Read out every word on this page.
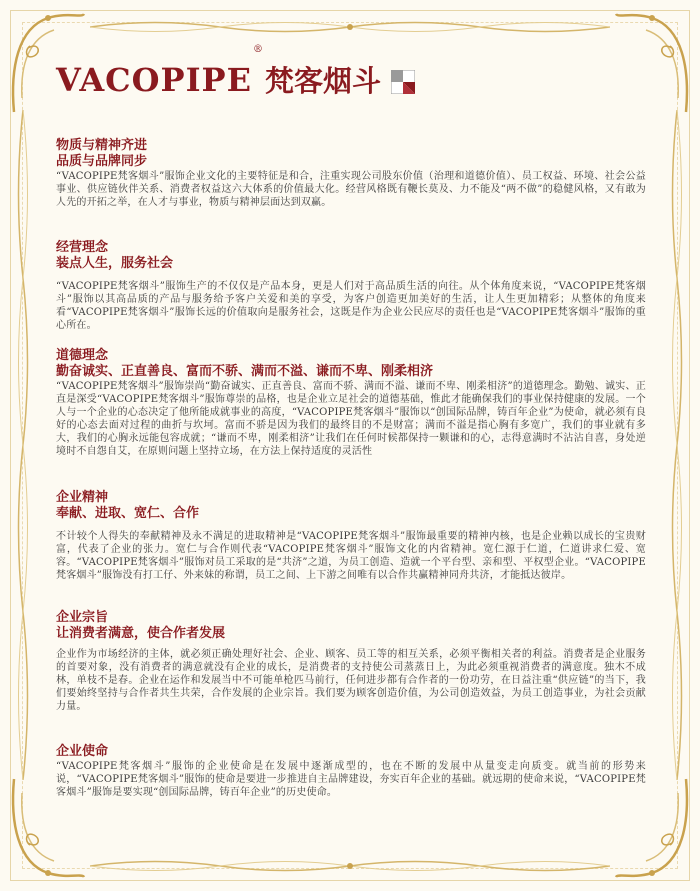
VACOPIPE
®
梵客烟斗

物质与精神齐进

品质与品牌同步

“VACOPIPE梵客烟斗”服饰企业文化的主要特征是和合，注重实现公司股东价值（治理和道德价值）、员工权益、环境、社会公益事业、供应链伙伴关系、消费者权益这六大体系的价值最大化。经营风格既有鞭长莫及、力不能及“两不做”的稳健风格，又有敢为人先的开拓之举，在人才与事业，物质与精神层面达到双赢。

经营理念

装点人生，服务社会

“VACOPIPE梵客烟斗”服饰生产的不仅仅是产品本身，更是人们对于高品质生活的向往。从个体角度来说，“VACOPIPE梵客烟斗”服饰以其高品质的产品与服务给予客户关爱和美的享受，为客户创造更加美好的生活，让人生更加精彩；从整体的角度来看“VACOPIPE梵客烟斗”服饰长远的价值取向是服务社会，这既是作为企业公民应尽的责任也是“VACOPIPE梵客烟斗”服饰的重心所在。

道德理念

勤奋诚实、正直善良、富而不骄、满而不溢、谦而不卑、刚柔相济

“VACOPIPE梵客烟斗”服饰崇尚“勤奋诚实、正直善良、富而不骄、满而不溢、谦而不卑、刚柔相济”的道德理念。勤勉、诚实、正直是深受“VACOPIPE梵客烟斗”服饰尊崇的品格，也是企业立足社会的道德基础，惟此才能确保我们的事业保持健康的发展。一个人与一个企业的心态决定了他所能成就事业的高度，“VACOPIPE梵客烟斗”服饰以“创国际品牌，铸百年企业”为使命，就必须有良好的心态去面对过程的曲折与坎坷。富而不骄是因为我们的最终目的不是财富；满而不溢是指心胸有多宽广，我们的事业就有多大，我们的心胸永远能包容成就；“谦而不卑，刚柔相济”让我们在任何时候都保持一颗谦和的心，志得意满时不沾沾自喜，身处逆境时不自怨自艾，在原则问题上坚持立场，在方法上保持适度的灵活性

企业精神

奉献、进取、宽仁、合作

不计较个人得失的奉献精神及永不满足的进取精神是“VACOPIPE梵客烟斗”服饰最重要的精神内核，也是企业赖以成长的宝贵财富，代表了企业的张力。宽仁与合作则代表“VACOPIPE梵客烟斗”服饰文化的内省精神。宽仁源于仁道，仁道讲求仁爱、宽容。“VACOPIPE梵客烟斗”服饰对员工采取的是“共济”之道，为员工创造、造就一个平台型、亲和型、平权型企业。“VACOPIPE梵客烟斗”服饰没有打工仔、外来妹的称谓，员工之间、上下游之间唯有以合作共赢精神同舟共济，才能抵达彼岸。

企业宗旨

让消费者满意，使合作者发展

企业作为市场经济的主体，就必须正确处理好社会、企业、顾客、员工等的相互关系，必须平衡相关者的利益。消费者是企业服务的首要对象，没有消费者的满意就没有企业的成长，是消费者的支持使公司蒸蒸日上，为此必须重视消费者的满意度。独木不成林，单枝不是春。企业在运作和发展当中不可能单枪匹马前行，任何进步都有合作者的一份功劳，在日益注重“供应链”的当下，我们要始终坚持与合作者共生共荣，合作发展的企业宗旨。我们要为顾客创造价值，为公司创造效益，为员工创造事业，为社会贡献力量。

企业使命

“VACOPIPE梵客烟斗”服饰的企业使命是在发展中逐渐成型的，也在不断的发展中从量变走向质变。就当前的形势来说，“VACOPIPE梵客烟斗”服饰的使命是要进一步推进自主品牌建设，夯实百年企业的基础。就远期的使命来说，“VACOPIPE梵客烟斗”服饰是要实现“创国际品牌，铸百年企业”的历史使命。
